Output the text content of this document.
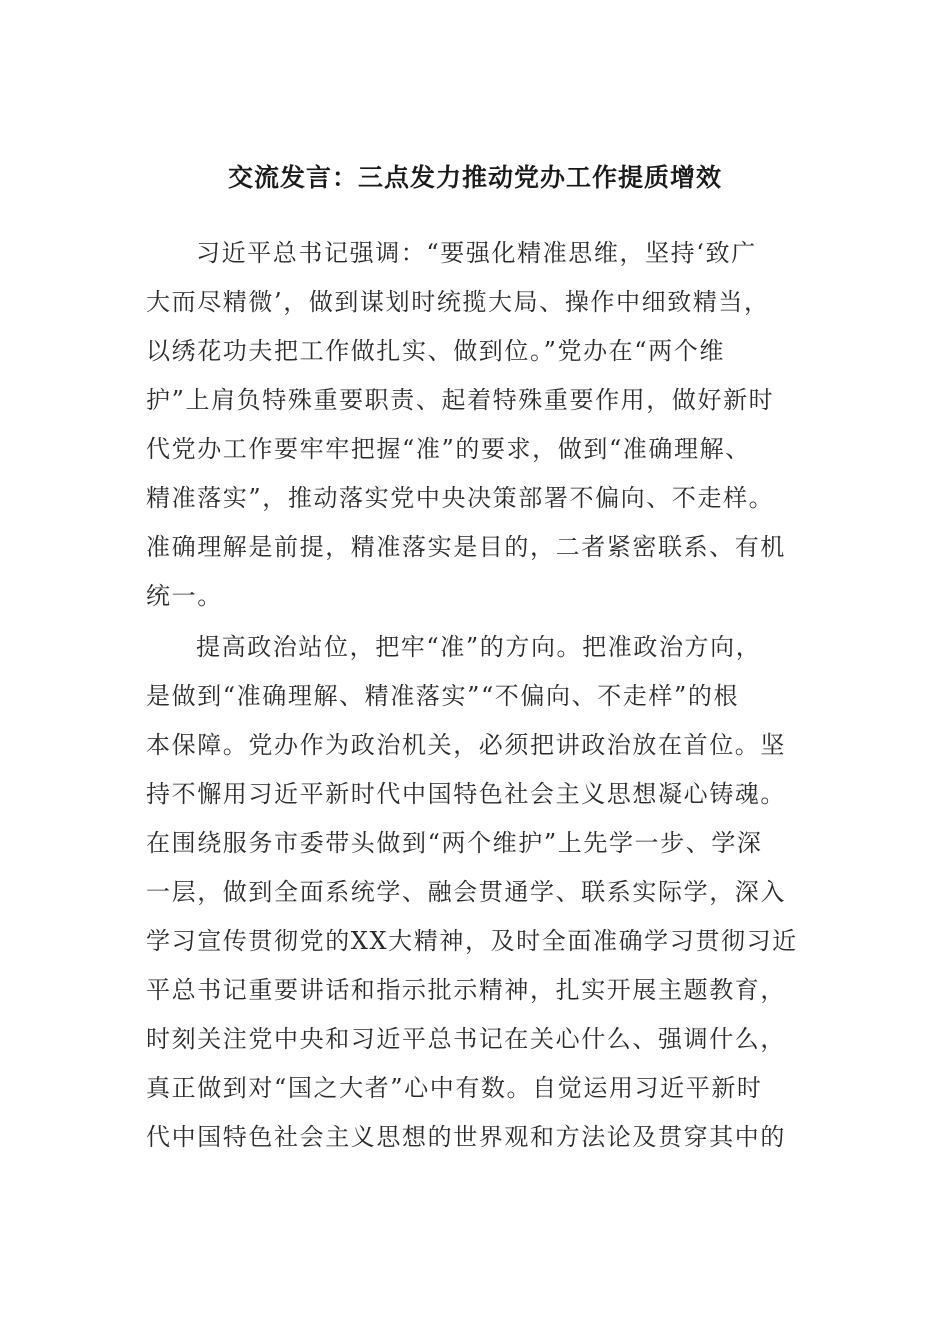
交流发言：三点发力推动党办工作提质增效
习近平总书记强调：“要强化精准思维，坚持‘致广
大而尽精微’，做到谋划时统揽大局、操作中细致精当，
以绣花功夫把工作做扎实、做到位。”党办在“两个维
护”上肩负特殊重要职责、起着特殊重要作用，做好新时
代党办工作要牢牢把握“准”的要求，做到“准确理解、
精准落实”，推动落实党中央决策部署不偏向、不走样。
准确理解是前提，精准落实是目的，二者紧密联系、有机
统一。
提高政治站位，把牢“准”的方向。把准政治方向，
是做到“准确理解、精准落实”“不偏向、不走样”的根
本保障。党办作为政治机关，必须把讲政治放在首位。坚
持不懈用习近平新时代中国特色社会主义思想凝心铸魂。
在围绕服务市委带头做到“两个维护”上先学一步、学深
一层，做到全面系统学、融会贯通学、联系实际学，深入
学习宣传贯彻党的XX大精神，及时全面准确学习贯彻习近
平总书记重要讲话和指示批示精神，扎实开展主题教育，
时刻关注党中央和习近平总书记在关心什么、强调什么，
真正做到对“国之大者”心中有数。自觉运用习近平新时
代中国特色社会主义思想的世界观和方法论及贯穿其中的
